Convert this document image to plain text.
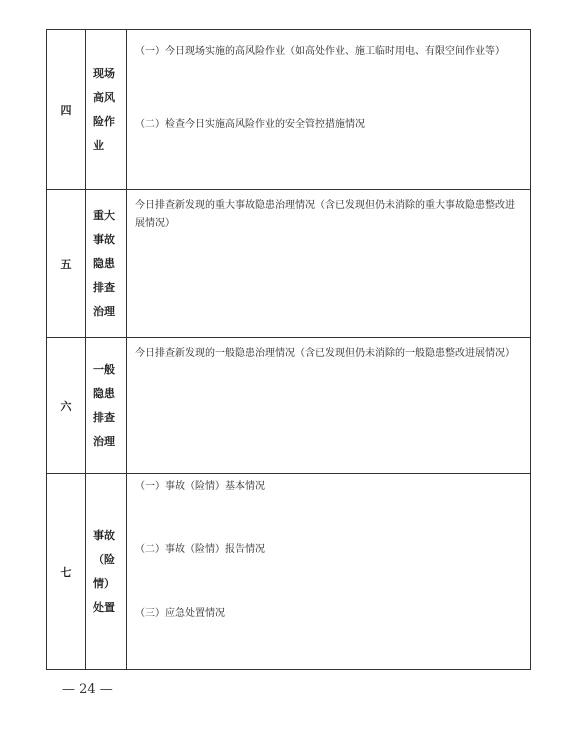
四	现场高风险作业	（一）今日现场实施的高风险作业（如高处作业、施工临时用电、有限空间作业等）
（二）检查今日实施高风险作业的安全管控措施情况

五	重大事故隐患排查治理	今日排查新发现的重大事故隐患治理情况（含已发现但仍未消除的重大事故隐患整改进展情况）

六	一般隐患排查治理	今日排查新发现的一般隐患治理情况（含已发现但仍未消除的一般隐患整改进展情况）

七	事故（险情）处置	（一）事故（险情）基本情况
（二）事故（险情）报告情况
（三）应急处置情况
— 24 —
